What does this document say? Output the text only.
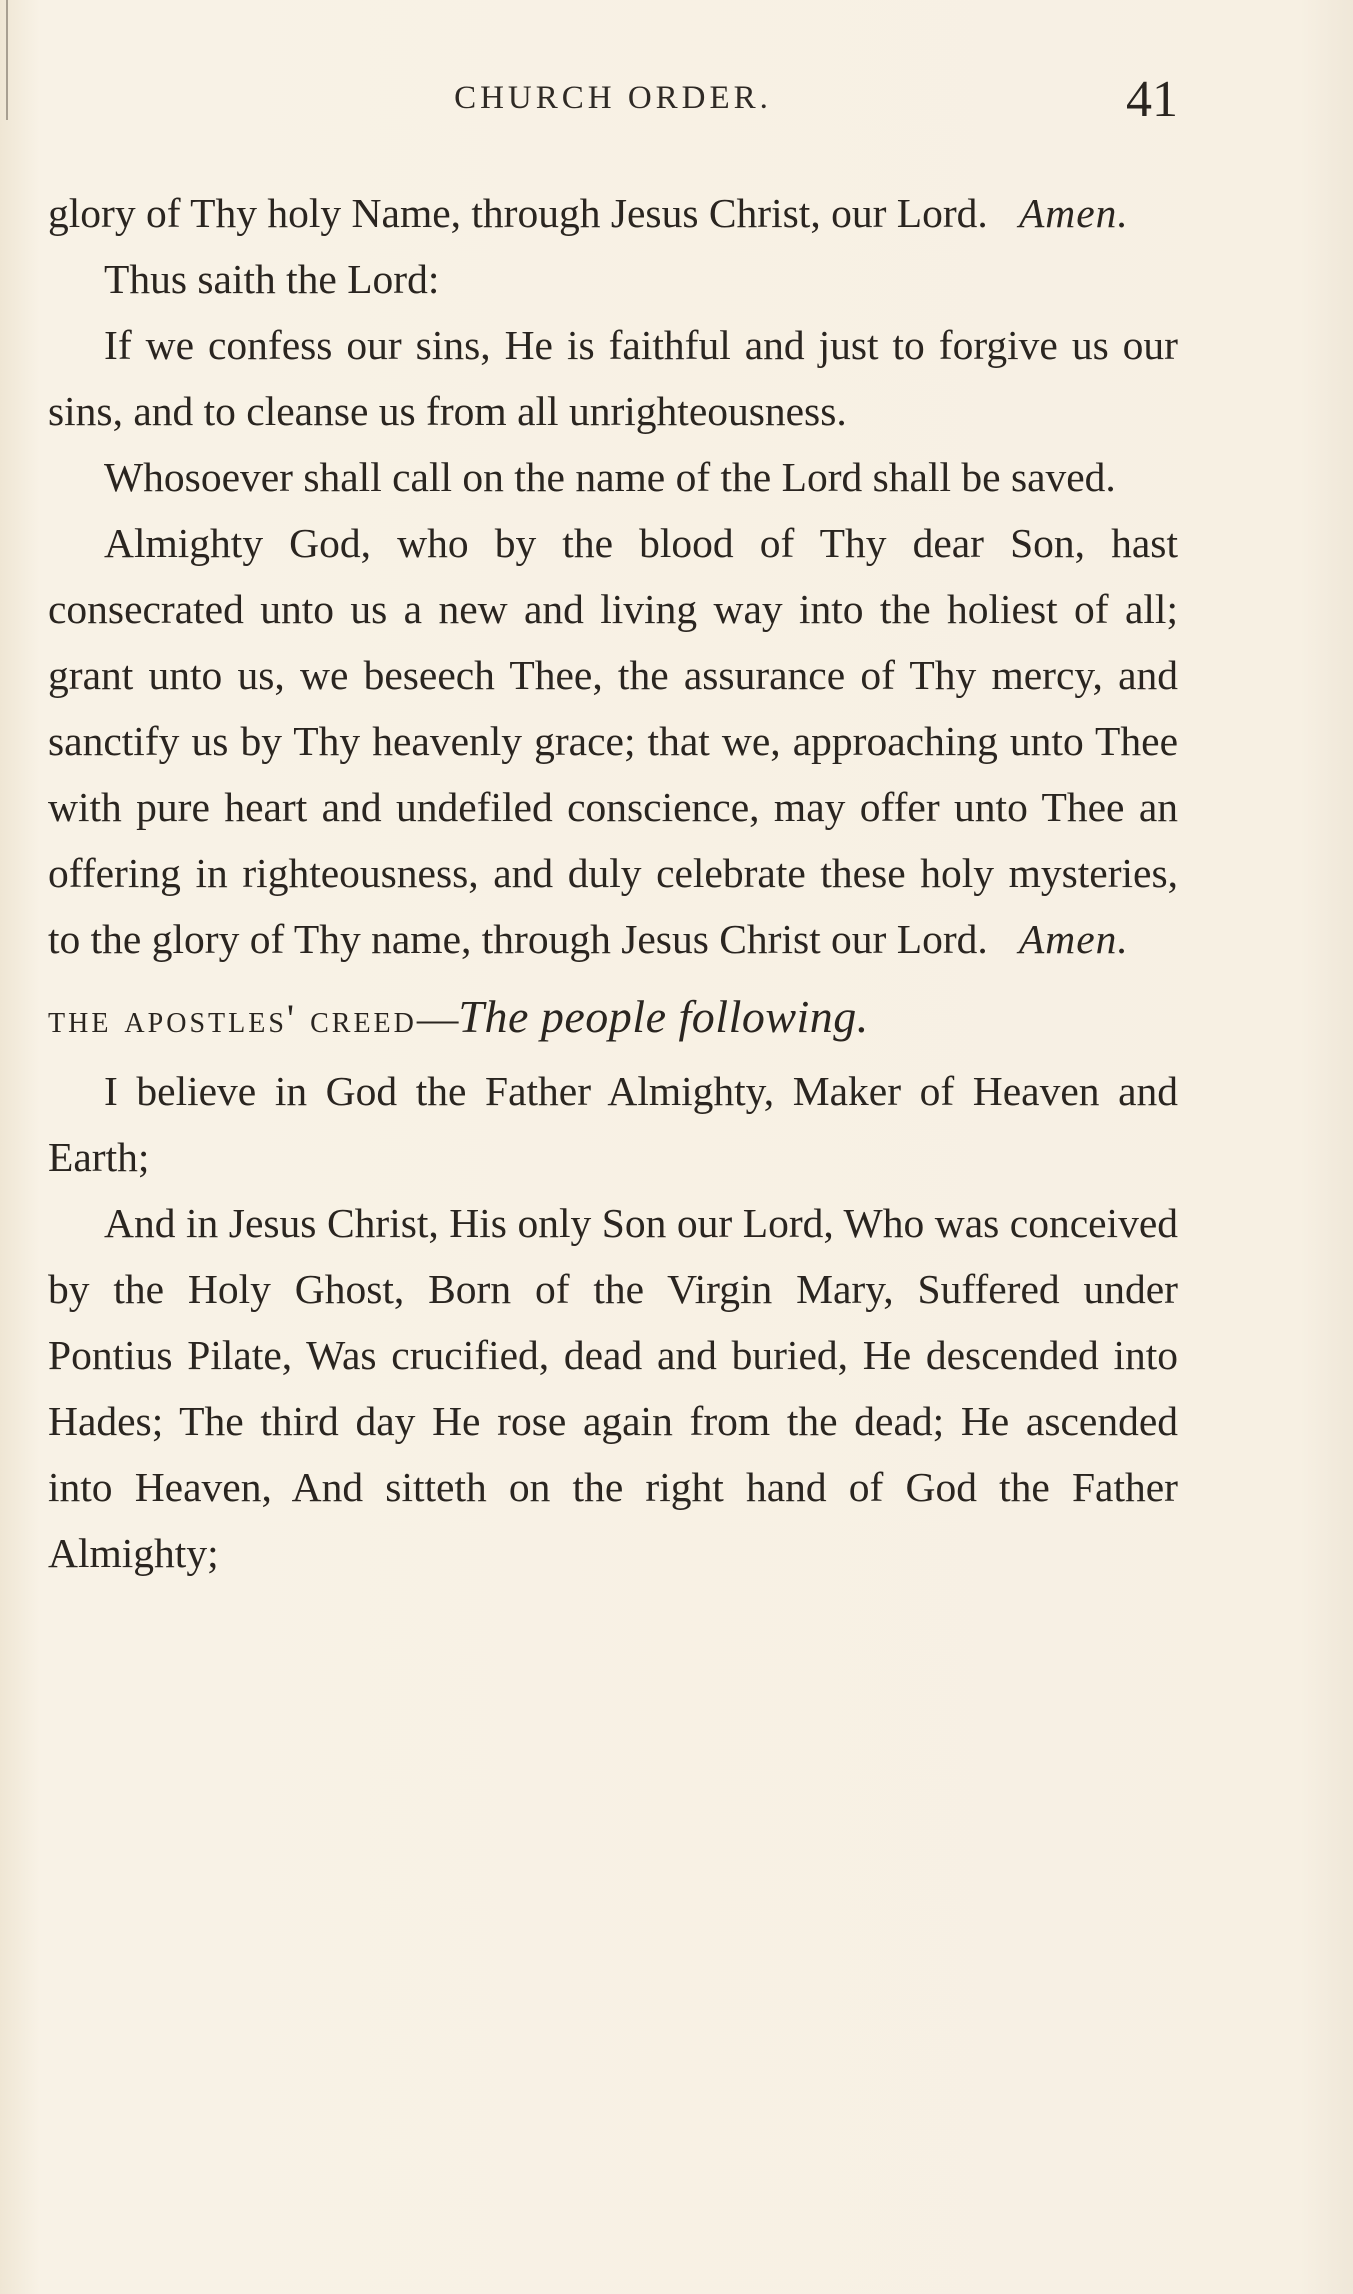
CHURCH ORDER.	41

glory of Thy holy Name, through Jesus Christ, our Lord. Amen.

Thus saith the Lord:

If we confess our sins, He is faithful and just to forgive us our sins, and to cleanse us from all unrighteousness.

Whosoever shall call on the name of the Lord shall be saved.

Almighty God, who by the blood of Thy dear Son, hast consecrated unto us a new and living way into the holiest of all; grant unto us, we beseech Thee, the assurance of Thy mercy, and sanctify us by Thy heavenly grace; that we, approaching unto Thee with pure heart and undefiled conscience, may offer unto Thee an offering in righteousness, and duly celebrate these holy mysteries, to the glory of Thy name, through Jesus Christ our Lord. Amen.

the apostles' creed—The people following.

I believe in God the Father Almighty, Maker of Heaven and Earth;

And in Jesus Christ, His only Son our Lord, Who was conceived by the Holy Ghost, Born of the Virgin Mary, Suffered under Pontius Pilate, Was crucified, dead and buried, He descended into Hades; The third day He rose again from the dead; He ascended into Heaven, And sitteth on the right hand of God the Father Almighty;
